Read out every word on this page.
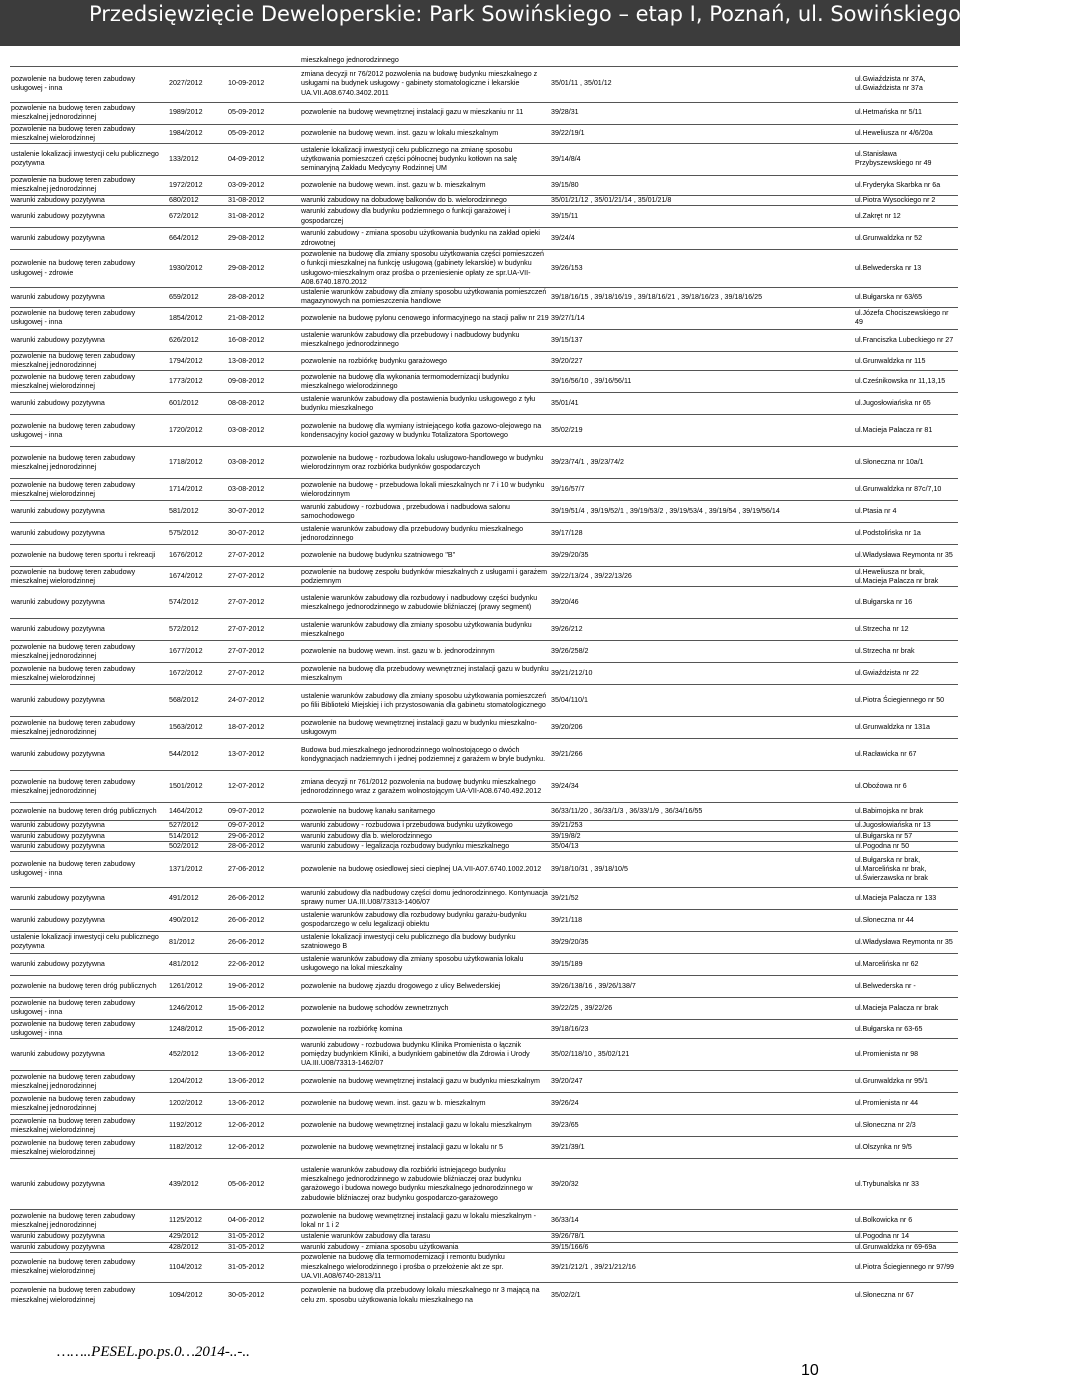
Przedsięwzięcie Deweloperskie: Park Sowińskiego – etap I, Poznań, ul. Sowińskiego/Słoneczna
			mieszkalnego jednorodzinnego		
pozwolenie na budowę teren zabudowy usługowej - inna	2027/2012	10-09-2012	zmiana decyzji nr 76/2012 pozwolenia na budowę budynku mieszkalnego z usługami na budynek usługowy - gabinety stomatologiczne i lekarskie UA.VII.A08.6740.3402.2011	35/01/11 , 35/01/12	ul.Gwiaździsta nr 37A, ul.Gwiaździsta nr 37a
pozwolenie na budowę teren zabudowy mieszkalnej jednorodzinnej	1989/2012	05-09-2012	pozwolenie na budowę wewnętrznej instalacji gazu w mieszkaniu nr 11	39/28/31	ul.Hetmańska nr 5/11
pozwolenie na budowę teren zabudowy mieszkalnej wielorodzinnej	1984/2012	05-09-2012	pozwolenie na budowę wewn. inst. gazu w lokalu mieszkalnym	39/22/19/1	ul.Heweliusza nr 4/6/20a
ustalenie lokalizacji inwestycji celu publicznego pozytywna	133/2012	04-09-2012	ustalenie lokalizacji inwestycji celu publicznego na zmianę sposobu użytkowania pomieszczeń części północnej budynku kotłown na salę seminaryjną Zakładu Medycyny Rodzinnej UM	39/14/8/4	ul.Stanisława Przybyszewskiego nr 49
pozwolenie na budowę teren zabudowy mieszkalnej jednorodzinnej	1972/2012	03-09-2012	pozwolenie na budowę wewn. inst. gazu w b. mieszkalnym	39/15/80	ul.Fryderyka Skarbka nr 6a
warunki zabudowy pozytywna	680/2012	31-08-2012	warunki zabudowy na dobudowę balkonów do b. wielorodzinnego	35/01/21/12 , 35/01/21/14 , 35/01/21/8	ul.Piotra Wysockiego nr 2
warunki zabudowy pozytywna	672/2012	31-08-2012	warunki zabudowy dla budynku podziemnego o funkcji garażowej i gospodarczej	39/15/11	ul.Zakręt nr 12
warunki zabudowy pozytywna	664/2012	29-08-2012	warunki zabudowy - zmiana sposobu użytkowania budynku na zakład opieki zdrowotnej	39/24/4	ul.Grunwaldzka nr 52
pozwolenie na budowę teren zabudowy usługowej - zdrowie	1930/2012	29-08-2012	pozwolenie na budowę dla zmiany sposobu użytkowania części pomieszczeń o funkcji mieszkalnej na funkcję usługową (gabinety lekarskie) w budynku usługowo-mieszkalnym oraz prośba o przeniesienie opłaty ze spr.UA-VII-A08.6740.1870.2012	39/26/153	ul.Belwederska nr 13
warunki zabudowy pozytywna	659/2012	28-08-2012	ustalenie warunków zabudowy dla zmiany sposobu użytkowania pomieszczeń magazynowych na pomieszczenia handlowe	39/18/16/15 , 39/18/16/19 , 39/18/16/21 , 39/18/16/23 , 39/18/16/25	ul.Bułgarska nr 63/65
pozwolenie na budowę teren zabudowy usługowej - inna	1854/2012	21-08-2012	pozwolenie na budowę pylonu cenowego informacyjnego na stacji paliw nr 219	39/27/1/14	ul.Józefa Chociszewskiego nr 49
warunki zabudowy pozytywna	626/2012	16-08-2012	ustalenie warunków zabudowy dla przebudowy i nadbudowy budynku mieszkalnego jednorodzinnego	39/15/137	ul.Franciszka Lubeckiego nr 27
pozwolenie na budowę teren zabudowy mieszkalnej jednorodzinnej	1794/2012	13-08-2012	pozwolenie na rozbiórkę budynku garażowego	39/20/227	ul.Grunwaldzka nr 115
pozwolenie na budowę teren zabudowy mieszkalnej wielorodzinnej	1773/2012	09-08-2012	pozwolenie na budowę dla wykonania termomodernizacji budynku mieszkalnego wielorodzinnego	39/16/56/10 , 39/16/56/11	ul.Cześnikowska nr 11,13,15
warunki zabudowy pozytywna	601/2012	08-08-2012	ustalenie warunków zabudowy dla postawienia budynku usługowego z tyłu budynku mieszkalnego	35/01/41	ul.Jugosłowiańska nr 65
pozwolenie na budowę teren zabudowy usługowej - inna	1720/2012	03-08-2012	pozwolenie na budowę dla wymiany istniejącego kotła gazowo-olejowego na kondensacyjny kocioł gazowy w budynku Totalizatora Sportowego	35/02/219	ul.Macieja Palacza nr 81
pozwolenie na budowę teren zabudowy mieszkalnej jednorodzinnej	1718/2012	03-08-2012	pozwolenie na budowę - rozbudowa lokalu usługowo-handlowego w budynku wielorodzinnym oraz rozbiórka budynków gospodarczych	39/23/74/1 , 39/23/74/2	ul.Słoneczna nr 10a/1
pozwolenie na budowę teren zabudowy mieszkalnej wielorodzinnej	1714/2012	03-08-2012	pozwolenie na budowę - przebudowa lokali mieszkalnych nr 7 i 10 w budynku wielorodzinnym	39/16/57/7	ul.Grunwaldzka nr 87c/7,10
warunki zabudowy pozytywna	581/2012	30-07-2012	warunki zabudowy - rozbudowa , przebudowa i nadbudowa salonu samochodowego	39/19/51/4 , 39/19/52/1 , 39/19/53/2 , 39/19/53/4 , 39/19/54 , 39/19/56/14	ul.Ptasia nr 4
warunki zabudowy pozytywna	575/2012	30-07-2012	ustalenie warunków zabudowy dla przebudowy budynku mieszkalnego jednorodzinnego	39/17/128	ul.Podstolińska nr 1a
pozwolenie na budowę teren sportu i rekreacji	1676/2012	27-07-2012	pozwolenie na budowę budynku szatniowego "B"	39/29/20/35	ul.Władysława Reymonta nr 35
pozwolenie na budowę teren zabudowy mieszkalnej wielorodzinnej	1674/2012	27-07-2012	pozwolenie na budowę zespołu budynków mieszkalnych z usługami i garażem podziemnym	39/22/13/24 , 39/22/13/26	ul.Heweliusza nr brak, ul.Macieja Palacza nr brak
warunki zabudowy pozytywna	574/2012	27-07-2012	ustalenie warunków zabudowy dla rozbudowy i nadbudowy części budynku mieszkalnego jednorodzinnego w zabudowie bliźniaczej (prawy segment)	39/20/46	ul.Bułgarska nr 16
warunki zabudowy pozytywna	572/2012	27-07-2012	ustalenie warunków zabudowy dla zmiany sposobu użytkowania budynku mieszkalnego	39/26/212	ul.Strzecha nr 12
pozwolenie na budowę teren zabudowy mieszkalnej jednorodzinnej	1677/2012	27-07-2012	pozwolenie na budowę wewn. inst. gazu w b. jednorodzinnym	39/26/258/2	ul.Strzecha nr brak
pozwolenie na budowę teren zabudowy mieszkalnej wielorodzinnej	1672/2012	27-07-2012	pozwolenie na budowę dla przebudowy wewnętrznej instalacji gazu w budynku mieszkalnym	39/21/212/10	ul.Gwiaździsta nr 22
warunki zabudowy pozytywna	568/2012	24-07-2012	ustalenie warunków zabudowy dla zmiany sposobu użytkowania pomieszczeń po filii Biblioteki Miejskiej i ich przystosowania dla gabinetu stomatologicznego	35/04/110/1	ul.Piotra Ściegiennego nr 50
pozwolenie na budowę teren zabudowy mieszkalnej jednorodzinnej	1563/2012	18-07-2012	pozwolenie na budowę wewnętrznej instalacji gazu w budynku mieszkalno-usługowym	39/20/206	ul.Grunwaldzka nr 131a
warunki zabudowy pozytywna	544/2012	13-07-2012	Budowa bud.mieszkalnego jednorodzinnego wolnostojącego o dwóch kondygnacjach nadziemnych i jednej podziemnej z garażem w bryle budynku.	39/21/266	ul.Racławicka nr 67
pozwolenie na budowę teren zabudowy mieszkalnej jednorodzinnej	1501/2012	12-07-2012	zmiana decyzji nr 761/2012 pozwolenia na budowę budynku mieszkalnego jednorodzinnego wraz z garażem wolnostojącym UA-VII-A08.6740.492.2012	39/24/34	ul.Oboźowa nr 6
pozwolenie na budowę teren dróg publicznych	1464/2012	09-07-2012	pozwolenie na budowę kanału sanitarnego	36/33/11/20 , 36/33/1/3 , 36/33/1/9 , 36/34/16/55	ul.Babimojska nr brak
warunki zabudowy pozytywna	527/2012	09-07-2012	warunki zabudowy - rozbudowa i przebudowa budynku użytkowego	39/21/253	ul.Jugosłowiańska nr 13
warunki zabudowy pozytywna	514/2012	29-06-2012	warunki zabudowy dla b. wielorodzinnego	39/19/8/2	ul.Bułgarska nr 57
warunki zabudowy pozytywna	502/2012	28-06-2012	warunki zabudowy - legalizacja rozbudowy budynku mieszkalnego	35/04/13	ul.Pogodna nr 50
pozwolenie na budowę teren zabudowy usługowej - inna	1371/2012	27-06-2012	pozwolenie na budowę osiedlowej sieci cieplnej UA.VII-A07.6740.1002.2012	39/18/10/31 , 39/18/10/5	ul.Bułgarska nr brak, ul.Marcelińska nr brak, ul.Świerzawska nr brak
warunki zabudowy pozytywna	491/2012	26-06-2012	warunki zabudowy dla nadbudowy części domu jednorodzinnego. Kontynuacja sprawy numer UA.III.U08/73313-1406/07	39/21/52	ul.Macieja Palacza nr 133
warunki zabudowy pozytywna	490/2012	26-06-2012	ustalenie warunków zabudowy dla rozbudowy budynku garażu-budynku gospodarczego w celu legalizacji obiektu	39/21/118	ul.Słoneczna nr 44
ustalenie lokalizacji inwestycji celu publicznego pozytywna	81/2012	26-06-2012	ustalenie lokalizacji inwestycji celu publicznego dla budowy budynku szatniowego B	39/29/20/35	ul.Władysława Reymonta nr 35
warunki zabudowy pozytywna	481/2012	22-06-2012	ustalenie warunków zabudowy dla zmiany sposobu użytkowania lokalu usługowego na lokal mieszkalny	39/15/189	ul.Marcelińska nr 62
pozwolenie na budowę teren dróg publicznych	1261/2012	19-06-2012	pozwolenie na budowę zjazdu drogowego z ulicy Belwederskiej	39/26/138/16 , 39/26/138/7	ul.Belwederska nr -
pozwolenie na budowę teren zabudowy usługowej - inna	1246/2012	15-06-2012	pozwolenie na budowę schodów zewnetrznych	39/22/25 , 39/22/26	ul.Macieja Palacza nr brak
pozwolenie na budowę teren zabudowy usługowej - inna	1248/2012	15-06-2012	pozwolenie na rozbiórkę komina	39/18/16/23	ul.Bułgarska nr 63-65
warunki zabudowy pozytywna	452/2012	13-06-2012	warunki zabudowy - rozbudowa budynku Klinika Promienista o łącznik pomiędzy budynkiem Kliniki, a budynkiem gabinetów dla Zdrowia i Urody UA.III.U08/73313-1462/07	35/02/118/10 , 35/02/121	ul.Promienista nr 98
pozwolenie na budowę teren zabudowy mieszkalnej jednorodzinnej	1204/2012	13-06-2012	pozwolenie na budowę wewnętrznej instalacji gazu w budynku mieszkalnym	39/20/247	ul.Grunwaldzka nr 95/1
pozwolenie na budowę teren zabudowy mieszkalnej jednorodzinnej	1202/2012	13-06-2012	pozwolenie na budowę wewn. inst. gazu w b. mieszkalnym	39/26/24	ul.Promienista nr 44
pozwolenie na budowę teren zabudowy mieszkalnej wielorodzinnej	1192/2012	12-06-2012	pozwolenie na budowę wewnętrznej instalacji gazu w lokalu mieszkalnym	39/23/65	ul.Słoneczna nr 2/3
pozwolenie na budowę teren zabudowy mieszkalnej wielorodzinnej	1182/2012	12-06-2012	pozwolenie na budowę wewnętrznej instalacji gazu w lokalu nr 5	39/21/39/1	ul.Olszynka nr 9/5
warunki zabudowy pozytywna	439/2012	05-06-2012	ustalenie warunków zabudowy dla rozbiórki istniejącego budynku mieszkalnego jednorodzinnego w zabudowie bliźniaczej oraz budynku garażowego i budowa nowego budynku mieszkalnego jednorodzinnego w zabudowie bliźniaczej oraz budynku gospodarczo-garażowego	39/20/32	ul.Trybunalska nr 33
pozwolenie na budowę teren zabudowy mieszkalnej jednorodzinnej	1125/2012	04-06-2012	pozwolenie na budowę wewnętrznej instalacji gazu w lokalu mieszkalnym - lokal nr 1 i 2	36/33/14	ul.Bolkowicka nr 6
warunki zabudowy pozytywna	429/2012	31-05-2012	ustalenie warunków zabudowy dla tarasu	39/26/78/1	ul.Pogodna nr 14
warunki zabudowy pozytywna	428/2012	31-05-2012	warunki zabudowy - zmiana sposobu użytkowania	39/15/166/6	ul.Grunwaldzka nr 69-69a
pozwolenie na budowę teren zabudowy mieszkalnej wielorodzinnej	1104/2012	31-05-2012	pozwolenie na budowę dla termomodernizacji i remontu budynku mieszkalnego wielorodzinnego i prośba o przełożenie akt ze spr. UA.VII.A08/6740-2813/11	39/21/212/1 , 39/21/212/16	ul.Piotra Ściegiennego nr 97/99
pozwolenie na budowę teren zabudowy mieszkalnej wielorodzinnej	1094/2012	30-05-2012	pozwolenie na budowę dla przebudowy lokalu mieszkalnego nr 3 mającą na celu zm. sposobu użytkowania lokalu mieszkalnego na	35/02/2/1	ul.Słoneczna nr 67
……..PESEL.po.ps.0…2014-..-..
10
